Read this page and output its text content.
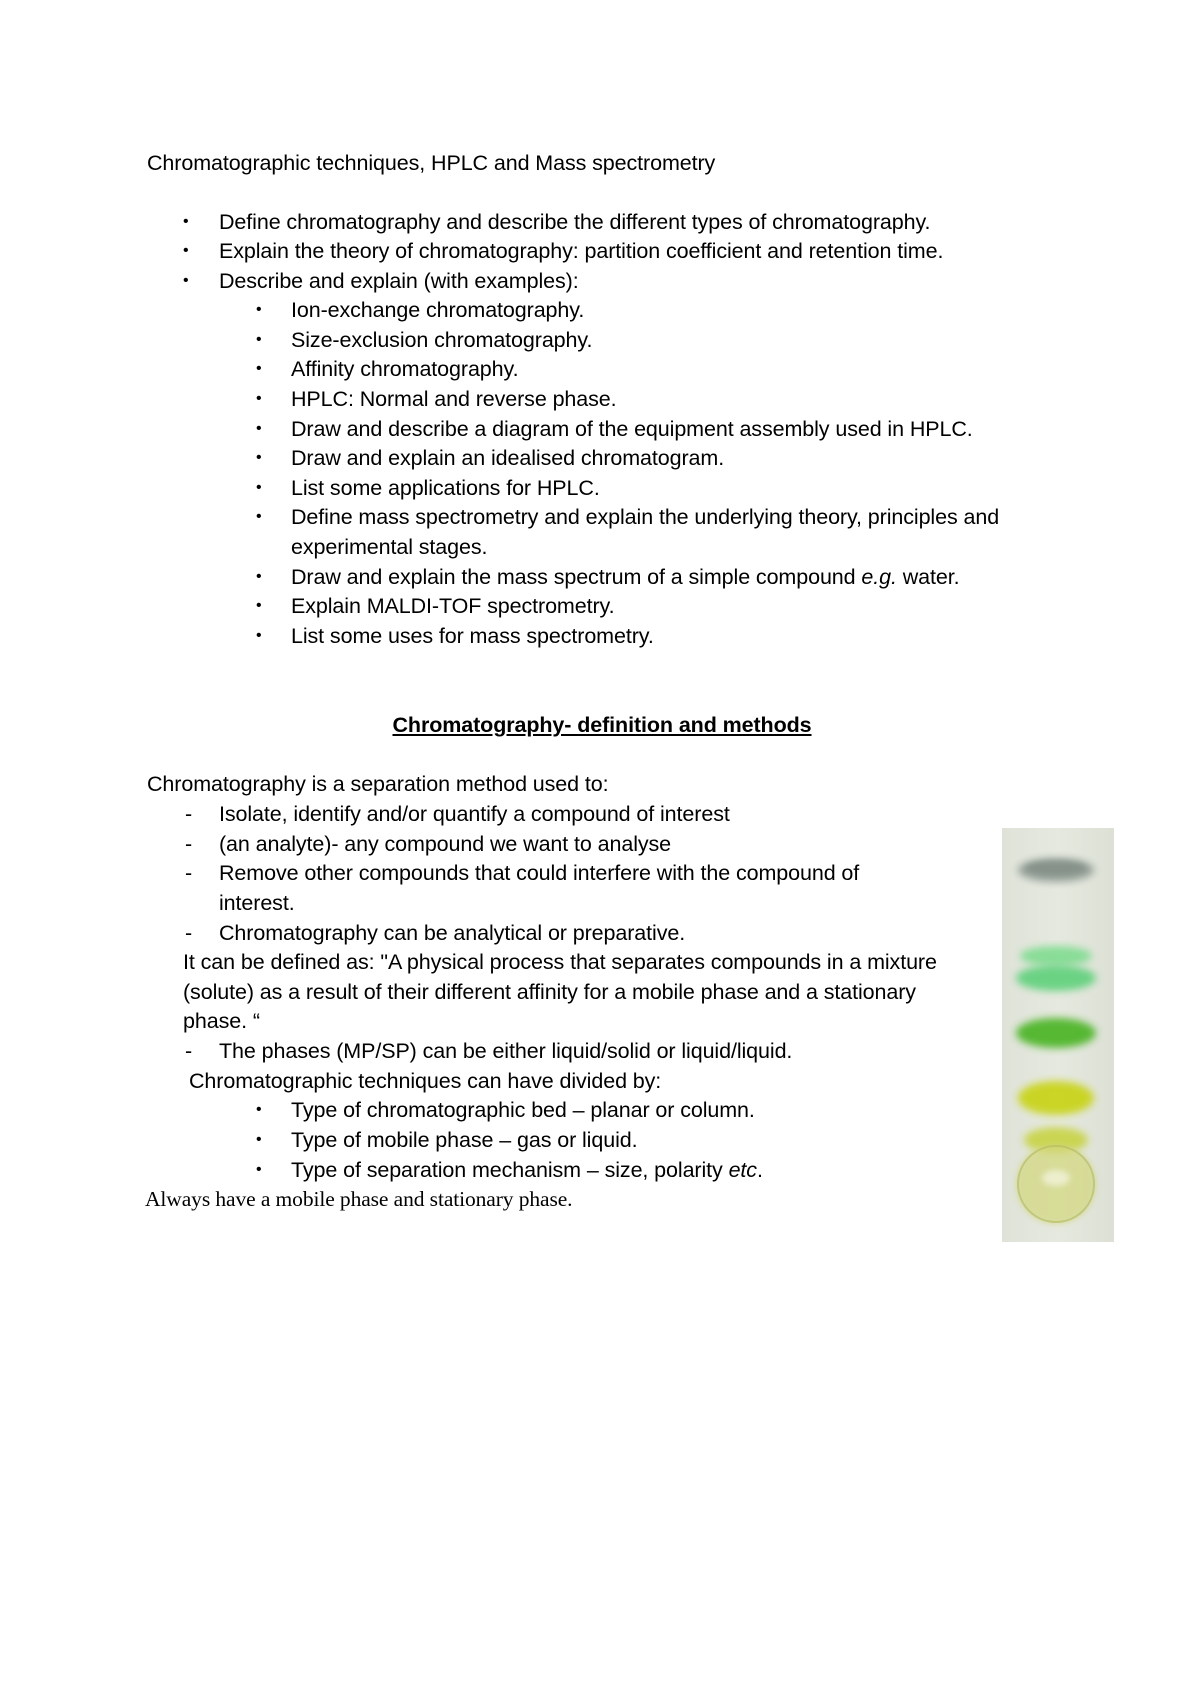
Chromatographic techniques, HPLC and Mass spectrometry
• Define chromatography and describe the different types of chromatography.
• Explain the theory of chromatography: partition coefficient and retention time.
• Describe and explain (with examples):
• Ion-exchange chromatography.
• Size-exclusion chromatography.
• Affinity chromatography.
• HPLC: Normal and reverse phase.
• Draw and describe a diagram of the equipment assembly used in HPLC.
• Draw and explain an idealised chromatogram.
• List some applications for HPLC.
• Define mass spectrometry and explain the underlying theory, principles and
experimental stages.
• Draw and explain the mass spectrum of a simple compound e.g. water.
• Explain MALDI-TOF spectrometry.
• List some uses for mass spectrometry.
Chromatography- definition and methods
Chromatography is a separation method used to:
- Isolate, identify and/or quantify a compound of interest
- (an analyte)- any compound we want to analyse
- Remove other compounds that could interfere with the compound of
interest.
- Chromatography can be analytical or preparative.
It can be defined as: "A physical process that separates compounds in a mixture
(solute) as a result of their different affinity for a mobile phase and a stationary
phase. “
- The phases (MP/SP) can be either liquid/solid or liquid/liquid.
Chromatographic techniques can have divided by:
• Type of chromatographic bed – planar or column.
• Type of mobile phase – gas or liquid.
• Type of separation mechanism – size, polarity etc.
Always have a mobile phase and stationary phase.
